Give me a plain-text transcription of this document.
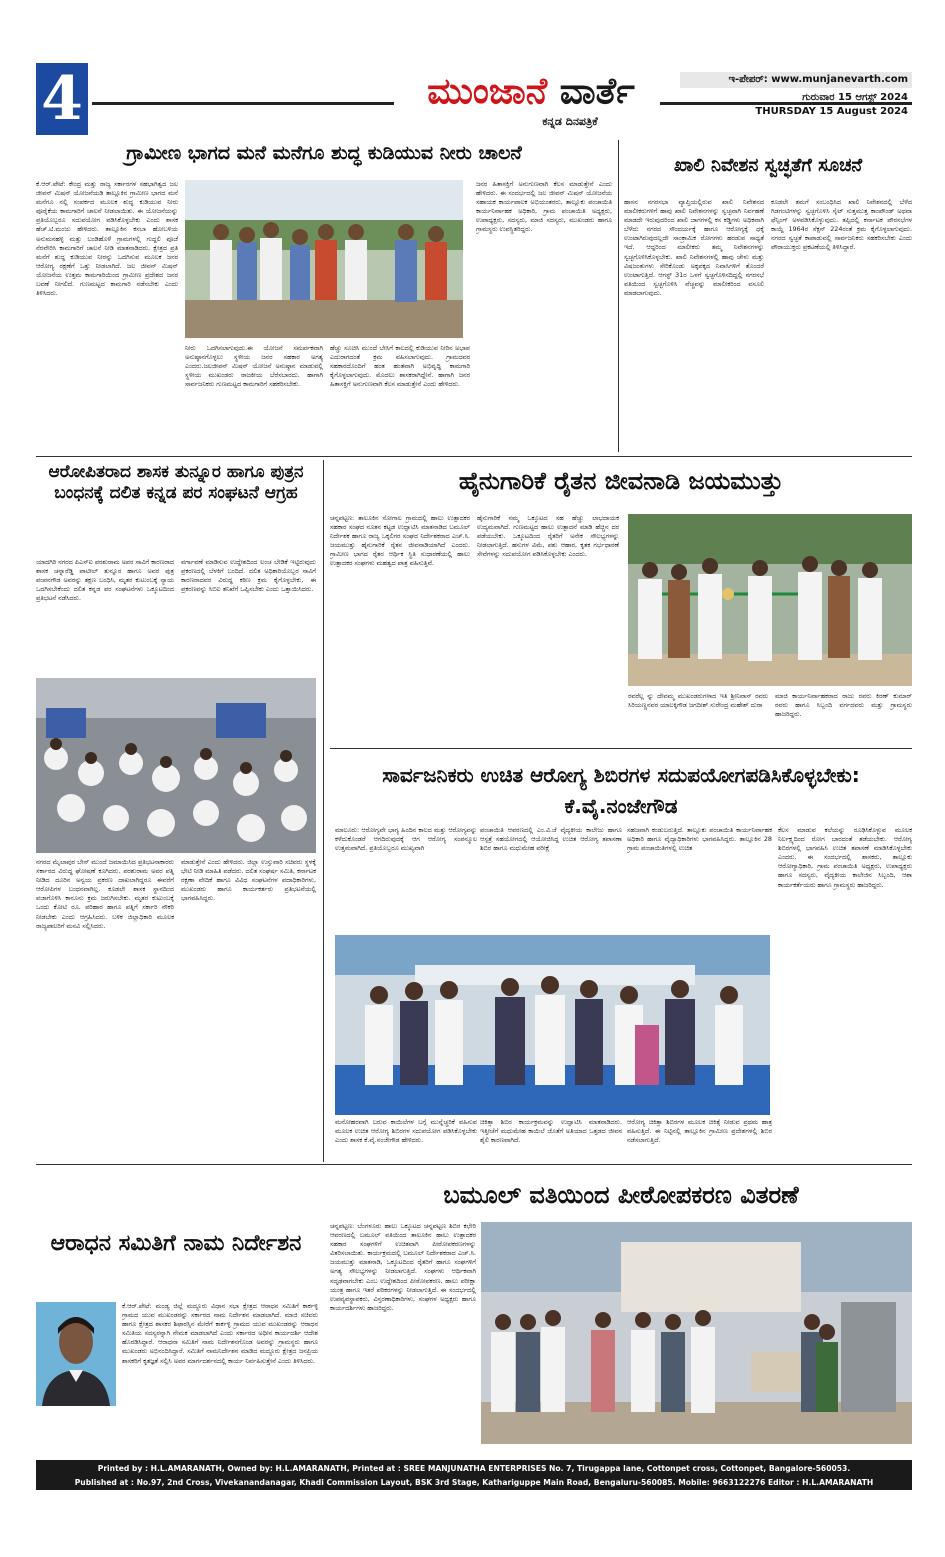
4	ಮುಂಜಾನೆ ವಾರ್ತೆ
ಕನ್ನಡ ದಿನಪತ್ರಿಕೆ
ಇ-ಪೇಪರ್: www.munjanevarth.com
ಗುರುವಾರ 15 ಆಗಸ್ಟ್ 2024
THURSDAY 15 August 2024
ಗ್ರಾಮೀಣ ಭಾಗದ ಮನೆ ಮನೆಗೂ ಶುದ್ಧ ಕುಡಿಯುವ ನೀರು ಚಾಲನೆ
ಕೆ.ಆರ್.ಪೇಟೆ: ಕೇಂದ್ರ ಮತ್ತು ರಾಜ್ಯ ಸರ್ಕಾರಗಳ ಸಹಭಾಗಿತ್ವದ ಜಲ ಜೀವನ್ ಮಿಷನ್ ಯೋಜನೆಯಡಿ ತಾಲ್ಲೂಕಿನ ಗ್ರಾಮೀಣ ಭಾಗದ ಮನೆ ಮನೆಗೂ ನಲ್ಲಿ ಸಂಪರ್ಕದ ಮೂಲಕ ಶುದ್ಧ ಕುಡಿಯುವ ನೀರು ಪೂರೈಕೆಯ ಕಾಮಗಾರಿಗೆ ಚಾಲನೆ ನೀಡಲಾಯಿತು. ಈ ಯೋಜನೆಯನ್ನು ಪ್ರತಿಯೊಬ್ಬರೂ ಸದುಪಯೋಗ ಪಡಿಸಿಕೊಳ್ಳಬೇಕು ಎಂದು ಶಾಸಕ ಹೆಚ್.ಟಿ.ಮಂಜು ಹೇಳಿದರು. ತಾಲ್ಲೂಕಿನ ಕಸಬಾ ಹೋಬಳಿಯ ಅನುಮನಹಳ್ಳಿ ಮತ್ತು ಬಂಡಿಹೊಳೆ ಗ್ರಾಮಗಳಲ್ಲಿ ಗುದ್ದಲಿ ಪೂಜೆ ನೆರವೇರಿಸಿ ಕಾಮಗಾರಿಗೆ ಚಾಲನೆ ನೀಡಿ ಮಾತನಾಡಿದರು. ಕ್ಷೇತ್ರದ ಪ್ರತಿ ಮನೆಗೆ ಶುದ್ಧ ಕುಡಿಯುವ ನೀರನ್ನು ಒದಗಿಸುವ ಮೂಲಕ ಜನರ ಆರೋಗ್ಯ ರಕ್ಷಣೆಗೆ ಒತ್ತು ನೀಡಲಾಗಿದೆ. ಜಲ ಜೀವನ್ ಮಿಷನ್ ಯೋಜನೆಯ ಉತ್ತಮ ಕಾಮಗಾರಿಯಿಂದ ಗ್ರಾಮೀಣ ಪ್ರದೇಶದ ಜನರ ಬವಣೆ ನೀಗಲಿದೆ. ಗುಣಮಟ್ಟದ ಕಾಮಗಾರಿ ನಡೆಸಬೇಕು ಎಂದು ತಿಳಿಸಿದರು.
ನೀರು ಒದಗಿಸಲಾಗುವುದು.ಈ ಯೋಜನೆ ಸಮರ್ಪಕವಾಗಿ ಅನುಷ್ಠಾನಗೊಳ್ಳಲು ಸ್ಥಳೀಯ ಜನರ ಸಹಕಾರ ಅಗತ್ಯ ಎಂದರು.ಜಲಜೀವನ್ ಮಿಷನ್ ಯೋಜನೆ ಅನುಷ್ಠಾನ ಮಾಡುವಲ್ಲಿ ಸ್ಥಳೀಯ ಮುಖಂಡರು ರಾಜಕೀಯ ಬೆರೆಸಬಾರದು. ಹಾಗಾಗಿ ಸಾರ್ವಜನಿಕರು ಗುಣಮಟ್ಟದ ಕಾಮಗಾರಿಗೆ ಸಹಕರಿಸಬೇಕು.
ಹೆಚ್ಚು ಸೂಚಿಸಿ ಮುಂದೆ ಬೇಸಿಗೆ ಕಾಲದಲ್ಲಿ ಕುಡಿಯುವ ನೀರಿನ ಅಭಾವ ಎದುರಾಗದಂತೆ ಕ್ರಮ ವಹಿಸಲಾಗುವುದು. ಗ್ರಾಮದವರ ಸಹಕಾರದೊಂದಿಗೆ ಹಂತ ಹಂತವಾಗಿ ಅಭಿವೃದ್ಧಿ ಕಾಮಗಾರಿ ಕೈಗೊಳ್ಳಲಾಗುವುದು. ಮೊದಲು ಶಾಸಕರಾಗಿದ್ದೇನೆ. ಹಾಗಾಗಿ ಜನರ ಹಿತಾಸಕ್ತಿಗೆ ಅನುಗುಣವಾಗಿ ಕೆಲಸ ಮಾಡುತ್ತೇನೆ ಎಂದು ಹೇಳಿದರು.
ಜನರ ಹಿತಾಸಕ್ತಿಗೆ ಅನುಗುಣವಾಗಿ ಕೆಲಸ ಮಾಡುತ್ತೇನೆ ಎಂದು ಹೇಳಿದರು. ಈ ಸಂದರ್ಭದಲ್ಲಿ ಜಲ ಜೀವನ್ ಮಿಷನ್ ಯೋಜನೆಯ ಸಹಾಯಕ ಕಾರ್ಯಪಾಲಕ ಅಭಿಯಂತರರು, ತಾಲ್ಲೂಕು ಪಂಚಾಯಿತಿ ಕಾರ್ಯನಿರ್ವಾಹಕ ಅಧಿಕಾರಿ, ಗ್ರಾಮ ಪಂಚಾಯಿತಿ ಅಧ್ಯಕ್ಷರು, ಉಪಾಧ್ಯಕ್ಷರು, ಸದಸ್ಯರು, ಮಾಜಿ ಸದಸ್ಯರು, ಮುಖಂಡರು ಹಾಗೂ ಗ್ರಾಮಸ್ಥರು ಉಪಸ್ಥಿತರಿದ್ದರು.
ಖಾಲಿ ನಿವೇಶನ ಸ್ವಚ್ಛತೆಗೆ ಸೂಚನೆ
ಹಾಸನ ನಗರಸಭಾ ವ್ಯಾಪ್ತಿಯಲ್ಲಿರುವ ಖಾಲಿ ನಿವೇಶನದ ಮಾಲೀಕರುಗಳಿಗೆ ಹಾವು ಖಾಲಿ ನಿವೇಶನಗಳನ್ನು ಸ್ವಚ್ಛವಾಗಿ ನಿರ್ವಹಣೆ ಮಾಡದೇ ಇರುವುದರಿಂದ ಖಾಲಿ ಜಾಗಗಳಲ್ಲಿ ಕಸ ಕಡ್ಡಿಗಳು ಅಧಿಕವಾಗಿ ಬೆಳೆದು ನಗರದ ಸೌಂದರ್ಯಕ್ಕೆ ಹಾಗೂ ಆರೋಗ್ಯಕ್ಕೆ ಧಕ್ಕೆ ಉಂಟಾಗಿರುವುದಲ್ಲದೇ ಸಾಂಕ್ರಾಮಿಕ ರೋಗಗಳು ಹರಡುವ ಸಾಧ್ಯತೆ ಇದೆ. ಆದ್ದರಿಂದ ಮಾಲೀಕರು ತಮ್ಮ ನಿವೇಶನಗಳನ್ನು ಸ್ವಚ್ಛಗೊಳಿಸಿಕೊಳ್ಳಬೇಕು. ಖಾಲಿ ನಿವೇಶನಗಳಲ್ಲಿ ಹಾವು ಚೇಳು ಮತ್ತು ವಿಷಜಂತುಗಳು ಸೇರಿಕೊಂಡು ಅಕ್ಕಪಕ್ಕದ ನಿವಾಸಿಗಳಿಗೆ ತೊಂದರೆ ಉಂಟಾಗುತ್ತಿದೆ. ಆಗಸ್ಟ್ 31ರ ಒಳಗೆ ಸ್ವಚ್ಛಗೊಳಿಸದಿದ್ದಲ್ಲಿ ನಗರಸಭೆ ವತಿಯಿಂದ ಸ್ವಚ್ಛಗೊಳಿಸಿ ವೆಚ್ಚವನ್ನು ಮಾಲೀಕರಿಂದ ವಸೂಲಿ ಮಾಡಲಾಗುವುದು.
ಕೂಡಲೇ ತಮಗೆ ಸಂಬಂಧಿಸಿದ ಖಾಲಿ ನಿವೇಶನದಲ್ಲಿ ಬೆಳೆದ ಗಿಡಗಂಟಿಗಳನ್ನು ಸ್ವಚ್ಛಗೊಳಿಸಿ ಸೈಟ್ ಸುತ್ತಮುತ್ತ ಕಾಂಪೌಂಡ್ ಅಥವಾ ಫೆನ್ಸಿಂಗ್ ಅಳವಡಿಸಿಕೊಳ್ಳುವುದು. ತಪ್ಪಿದಲ್ಲಿ ಕರ್ನಾಟಕ ಪೌರಸಭೆಗಳ ಕಾಯ್ದೆ 1964ರ ಸೆಕ್ಷನ್ 224ರಂತೆ ಕ್ರಮ ಕೈಗೊಳ್ಳಲಾಗುವುದು. ನಗರದ ಸ್ವಚ್ಛತೆ ಕಾಪಾಡುವಲ್ಲಿ ಸಾರ್ವಜನಿಕರು ಸಹಕರಿಸಬೇಕು ಎಂದು ಪೌರಾಯುಕ್ತರು ಪ್ರಕಟಣೆಯಲ್ಲಿ ತಿಳಿಸಿದ್ದಾರೆ.
ಆರೋಪಿತರಾದ ಶಾಸಕ ತುನ್ನೂರ ಹಾಗೂ ಪುತ್ರನ ಬಂಧನಕ್ಕೆ ದಲಿತ ಕನ್ನಡ ಪರ ಸಂಘಟನೆ ಆಗ್ರಹ
ಯಾದಗಿರಿ ನಗರದ ಪಿಎಸ್ಐ ಪರಶುರಾಮ ಅವರ ಸಾವಿಗೆ ಕಾರಣರಾದ ಶಾಸಕ ಚನ್ನಾರೆಡ್ಡಿ ಪಾಟೀಲ್ ತುನ್ನೂರ ಹಾಗೂ ಅವರ ಪುತ್ರ ಪಂಪನಗೌಡ ಅವರನ್ನು ತಕ್ಷಣ ಬಂಧಿಸಿ, ಮೃತರ ಕುಟುಂಬಕ್ಕೆ ನ್ಯಾಯ ಒದಗಿಸಬೇಕೆಂದು ದಲಿತ ಕನ್ನಡ ಪರ ಸಂಘಟನೆಗಳು ಒಕ್ಕೂಟದಿಂದ ಪ್ರತಿಭಟನೆ ನಡೆಸಿದರು.
ವರ್ಗಾವಣೆ ಮಾಡಿಸುವ ಉದ್ದೇಶದಿಂದ ಲಂಚ ಬೇಡಿಕೆ ಇಟ್ಟಿರುವುದು ಪ್ರಕರಣದಲ್ಲಿ ಬೆಳಕಿಗೆ ಬಂದಿದೆ. ದಲಿತ ಅಧಿಕಾರಿಯೊಬ್ಬರ ಸಾವಿಗೆ ಕಾರಣರಾದವರ ವಿರುದ್ಧ ಕಠಿಣ ಕ್ರಮ ಕೈಗೊಳ್ಳಬೇಕು, ಈ ಪ್ರಕರಣವನ್ನು ಸಿಬಿಐ ತನಿಖೆಗೆ ಒಪ್ಪಿಸಬೇಕು ಎಂದು ಒತ್ತಾಯಿಸಿದರು.
ನಗರದ ಮೈಲಾಪುರ ಬೇಸ್ ಮುಂದೆ ಜಮಾಯಿಸಿದ ಪ್ರತಿಭಟನಾಕಾರರು ಸರ್ಕಾರದ ವಿರುದ್ಧ ಘೋಷಣೆ ಕೂಗಿದರು. ಪರಶುರಾಮ ಅವರ ಪತ್ನಿ ನೀಡಿದ ದೂರಿನ ಅನ್ವಯ ಪ್ರಕರಣ ದಾಖಲಾಗಿದ್ದರೂ ಈವರೆಗೆ ಆರೋಪಿಗಳ ಬಂಧನವಾಗಿಲ್ಲ. ಕೂಡಲೇ ಶಾಸಕ ಸ್ಥಾನದಿಂದ ವಜಾಗೊಳಿಸಿ ಕಾನೂನು ಕ್ರಮ ಜರುಗಿಸಬೇಕು. ಮೃತರ ಕುಟುಂಬಕ್ಕೆ ಒಂದು ಕೋಟಿ ರೂ. ಪರಿಹಾರ ಹಾಗೂ ಪತ್ನಿಗೆ ಸರ್ಕಾರಿ ನೌಕರಿ ನೀಡಬೇಕು ಎಂದು ಆಗ್ರಹಿಸಿದರು. ಬಳಿಕ ಜಿಲ್ಲಾಧಿಕಾರಿ ಮೂಲಕ ರಾಜ್ಯಪಾಲರಿಗೆ ಮನವಿ ಸಲ್ಲಿಸಿದರು.
ಮಾಡುತ್ತೇನೆ ಎಂದು ಹೇಳಿದರು. ಜಿಲ್ಲಾ ಉಸ್ತುವಾರಿ ಸಚಿವರು ಸ್ಥಳಕ್ಕೆ ಭೇಟಿ ನೀಡಿ ಮಾಹಿತಿ ಪಡೆದರು. ದಲಿತ ಸಂಘರ್ಷ ಸಮಿತಿ, ಕರ್ನಾಟಕ ರಕ್ಷಣಾ ವೇದಿಕೆ ಹಾಗೂ ವಿವಿಧ ಸಂಘಟನೆಗಳ ಪದಾಧಿಕಾರಿಗಳು, ಮುಖಂಡರು ಹಾಗೂ ಕಾರ್ಯಕರ್ತರು ಪ್ರತಿಭಟನೆಯಲ್ಲಿ ಭಾಗವಹಿಸಿದ್ದರು.
ಹೈನುಗಾರಿಕೆ ರೈತನ ಜೀವನಾಡಿ ಜಯಮುತ್ತು
ಚನ್ನಪಟ್ಟಣ: ತಾಲೂಕಿನ ಸೋಗಾಲ ಗ್ರಾಮದಲ್ಲಿ ಹಾಲು ಉತ್ಪಾದಕರ ಸಹಕಾರ ಸಂಘದ ನೂತನ ಕಟ್ಟಡ ಉದ್ಘಾಟಿಸಿ ಮಾತನಾಡಿದ ಬಮೂಲ್ ನಿರ್ದೇಶಕ ಹಾಗೂ ರಾಜ್ಯ ಒಕ್ಕಲಿಗರ ಸಂಘದ ನಿರ್ದೇಶಕರಾದ ಎಚ್.ಸಿ. ಜಯಮುತ್ತು ಹೈನುಗಾರಿಕೆ ರೈತನ ಜೀವನಾಡಿಯಾಗಿದೆ ಎಂದರು. ಗ್ರಾಮೀಣ ಭಾಗದ ರೈತರ ಆರ್ಥಿಕ ಸ್ಥಿತಿ ಸುಧಾರಣೆಯಲ್ಲಿ ಹಾಲು ಉತ್ಪಾದಕರ ಸಂಘಗಳು ಮಹತ್ವದ ಪಾತ್ರ ವಹಿಸುತ್ತಿವೆ.
ಹೈನುಗಾರಿಕೆ ನಮ್ಮ ಒಕ್ಕೂಟದ ಸಹ ಹೆಚ್ಚು ಲಾಭದಾಯಕ ಉದ್ಯಮವಾಗಿದೆ. ಗುಣಮಟ್ಟದ ಹಾಲು ಉತ್ಪಾದನೆ ಮಾಡಿ ಹೆಚ್ಚಿನ ದರ ಪಡೆಯಬೇಕು. ಒಕ್ಕೂಟದಿಂದ ರೈತರಿಗೆ ಅನೇಕ ಸೌಲಭ್ಯಗಳನ್ನು ನೀಡಲಾಗುತ್ತಿದೆ. ಹಸುಗಳ ವಿಮೆ, ಪಶು ಆಹಾರ, ಕೃತಕ ಗರ್ಭಧಾರಣೆ ಸೇವೆಗಳನ್ನು ಸದುಪಯೋಗ ಪಡಿಸಿಕೊಳ್ಳಬೇಕು ಎಂದರು.
ರವರೆಲ್ಲ ನ್ನು ದೇವಮ್ಮ ಮುಖಂಡರುಗಳಾದ ಇತಿ ಶ್ರೀನಿವಾಸ್ ರವರು ಸಿರಿಯಣ್ಣನವರ ಯಾಲಕ್ಕಿಗೌಡ ಜಗದೀಶ್ ಸುರೇಂದ್ರ ಮಹೇಶ್ ದುರಾ
ಮಾಜಿ ಕಾರ್ಯನಿರ್ವಾಹಕರಾದ ರಾಜು ರವರು ಕಿರಣ್ ಕುಮಾರ್ ರವರು ಹಾಗೂ ಸಿಬ್ಬಂದಿ ವರ್ಗದವರು ಮತ್ತು ಗ್ರಾಮಸ್ಥರು ಹಾಜರಿದ್ದರು.
ಸಾರ್ವಜನಿಕರು ಉಚಿತ ಆರೋಗ್ಯ ಶಿಬಿರಗಳ ಸದುಪಯೋಗಪಡಿಸಿಕೊಳ್ಳಬೇಕು: ಕೆ.ವೈ.ನಂಜೇಗೌಡ
ಮಾಲೂರು: ಆರೋಗ್ಯವೇ ಭಾಗ್ಯ ಹಿಂದಿನ ಕಾಲದ ಮತ್ತು ಆರೋಗ್ಯವನ್ನು ಕಳೆದುಕೊಂಡರೆ ಆಗದಿರುವುದಕ್ಕೆ ಆಗ ಆರೋಗ್ಯ ಸಂಪನ್ಮೂಲ ಉತ್ತಮವಾಗಿದೆ. ಪ್ರತಿಯೊಬ್ಬರೂ ಮುಖ್ಯವಾಗಿ
ಪಂಚಾಯಿತಿ ಆವರಣದಲ್ಲಿ ಎಂ.ವಿ.ಜೆ ವೈದ್ಯಕೀಯ ಕಾಲೇಜು ಹಾಗೂ ಆಸ್ಪತ್ರೆ ಸಹಯೋಗದಲ್ಲಿ ಆಯೋಜಿಸಿದ್ದ ಉಚಿತ ಆರೋಗ್ಯ ತಪಾಸಣಾ ಶಿಬಿರ ಹಾಗೂ ಮಧುಮೇಹ ಪರೀಕ್ಷೆ
ಸಹಜವಾಗಿ ಕಂಡುಬರುತ್ತಿದೆ. ತಾಲ್ಲೂಕು ಪಂಚಾಯಿತಿ ಕಾರ್ಯನಿರ್ವಾಹಕ ಅಧಿಕಾರಿ ಹಾಗೂ ವೈದ್ಯಾಧಿಕಾರಿಗಳು ಭಾಗವಹಿಸಿದ್ದರು. ತಾಲ್ಲೂಕಿನ 28 ಗ್ರಾಮ ಪಂಚಾಯಿತಿಗಳಲ್ಲಿ ಉಚಿತ
ಮನೋಹರವಾಗಿ ಬರುವ ಕಾಯಿಲೆಗಳ ಬಗ್ಗೆ ಮುನ್ನೆಚ್ಚರಿಕೆ ವಹಿಸುವ ಮೂಲಕ ಉಚಿತ ಆರೋಗ್ಯ ಶಿಬಿರಗಳ ಸದುಪಯೋಗ ಪಡಿಸಿಕೊಳ್ಳಬೇಕು ಎಂದು ಶಾಸಕ ಕೆ.ವೈ.ನಂಜೇಗೌಡ ಹೇಳಿದರು.
ಚಿಕಿತ್ಸಾ ಶಿಬಿರ ಕಾರ್ಯಕ್ರಮವನ್ನು ಉದ್ಘಾಟಿಸಿ ಮಾತನಾಡಿದರು. ಇತ್ತೀಚೆಗೆ ಮಧುಮೇಹ ಕಾಯಿಲೆ ಜೊತೆಗೆ ಅತಿಯಾದ ಒತ್ತಡದ ಜೀವನ ಶೈಲಿ ಕಾರಣವಾಗಿದೆ.
ಆರೋಗ್ಯ ಚಿಕಿತ್ಸಾ ಶಿಬಿರಗಳ ಮೂಲಕ ಚಿಕಿತ್ಸೆ ನೀಡುವ ಪ್ರಥಮ ಹಾತ್ರ ವಹಿಸುತ್ತಿದೆ. ಈ ನಿಟ್ಟಿನಲ್ಲಿ ತಾಲ್ಲೂಕಿನ ಗ್ರಾಮೀಣ ಪ್ರದೇಶಗಳಲ್ಲಿ ಶಿಬಿರ ನಡೆಸಲಾಗುತ್ತಿದೆ.
ಕೆಲಸ ಮಾಡುವ ಕಲೆಯನ್ನು ರೂಢಿಸಿಕೊಳ್ಳುವ ಮೂಲಕ ನಿರ್ಲಕ್ಷ್ಯದಿಂದ ರೋಗ ಬಾರದಂತೆ ತಡೆಯಬೇಕು. ಆರೋಗ್ಯ ಶಿಬಿರಗಳಲ್ಲಿ ಭಾಗವಹಿಸಿ ಉಚಿತ ತಪಾಸಣೆ ಮಾಡಿಸಿಕೊಳ್ಳಬೇಕು ಎಂದರು. ಈ ಸಂದರ್ಭದಲ್ಲಿ ಶಾಸಕರು, ತಾಲ್ಲೂಕು ಆರೋಗ್ಯಾಧಿಕಾರಿ, ಗ್ರಾಮ ಪಂಚಾಯಿತಿ ಅಧ್ಯಕ್ಷರು, ಉಪಾಧ್ಯಕ್ಷರು ಹಾಗೂ ಸದಸ್ಯರು, ವೈದ್ಯಕೀಯ ಕಾಲೇಜಿನ ಸಿಬ್ಬಂದಿ, ಆಶಾ ಕಾರ್ಯಕರ್ತೆಯರು ಹಾಗೂ ಗ್ರಾಮಸ್ಥರು ಹಾಜರಿದ್ದರು.
ಆರಾಧನ ಸಮಿತಿಗೆ ನಾಮ ನಿರ್ದೇಶನ
ಕೆ.ಆರ್.ಪೇಟೆ: ಮಂಡ್ಯ ಜಿಲ್ಲೆ ಮದ್ದೂರು ವಿಧಾನ ಸಭಾ ಕ್ಷೇತ್ರದ ಆರಾಧನ ಸಮಿತಿಗೆ ಕಾರ್ಕಳ್ಳಿ ಗ್ರಾಮದ ಯುವ ಮುಖಂಡರನ್ನು ಸರ್ಕಾರದ ನಾಮ ನಿರ್ದೇಶನ ಮಾಡಲಾಗಿದೆ. ಮಾಜಿ ಸಚಿವರು ಹಾಗೂ ಕ್ಷೇತ್ರದ ಶಾಸಕರ ಶಿಫಾರಸ್ಸಿನ ಮೇರೆಗೆ ಕಾರ್ಕಳ್ಳಿ ಗ್ರಾಮದ ಯುವ ಮುಖಂಡರನ್ನು ಆರಾಧನ ಸಮಿತಿಯ ಸದಸ್ಯರನ್ನಾಗಿ ನೇಮಕ ಮಾಡಲಾಗಿದೆ ಎಂದು ಸರ್ಕಾರದ ಅಧೀನ ಕಾರ್ಯದರ್ಶಿ ಆದೇಶ ಹೊರಡಿಸಿದ್ದಾರೆ. ಆರಾಧನಾ ಸಮಿತಿಗೆ ನಾಮ ನಿರ್ದೇಶನಗೊಂಡ ಅವರನ್ನು ಗ್ರಾಮಸ್ಥರು ಹಾಗೂ ಮುಖಂಡರು ಅಭಿನಂದಿಸಿದ್ದಾರೆ. ಸಮಿತಿಗೆ ನಾಮನಿರ್ದೇಶನ ಮಾಡಿದ ಮದ್ದೂರು ಕ್ಷೇತ್ರದ ಜನಪ್ರಿಯ ಶಾಸಕರಿಗೆ ಕೃತಜ್ಞತೆ ಸಲ್ಲಿಸಿ ಅವರ ಮಾರ್ಗದರ್ಶನದಲ್ಲಿ ಕಾರ್ಯ ನಿರ್ವಹಿಸುತ್ತೇನೆ ಎಂದು ತಿಳಿಸಿದರು.
ಬಮೂಲ್ ವತಿಯಿಂದ ಪೀಠೋಪಕರಣ ವಿತರಣೆ
ಚನ್ನಪಟ್ಟಣ: ಬೆಂಗಳೂರು ಹಾಲು ಒಕ್ಕೂಟದ ಚನ್ನಪಟ್ಟಣ ಶಿಬಿರ ಕಛೇರಿ ಆವರಣದಲ್ಲಿ ಬಮೂಲ್ ವತಿಯಿಂದ ತಾಲೂಕಿನ ಹಾಲು ಉತ್ಪಾದಕರ ಸಹಕಾರ ಸಂಘಗಳಿಗೆ ಉಚಿತವಾಗಿ ಪೀಠೋಪಕರಣಗಳನ್ನು ವಿತರಿಸಲಾಯಿತು. ಕಾರ್ಯಕ್ರಮದಲ್ಲಿ ಬಮೂಲ್ ನಿರ್ದೇಶಕರಾದ ಎಚ್.ಸಿ. ಜಯಮುತ್ತು ಮಾತನಾಡಿ, ಒಕ್ಕೂಟದಿಂದ ರೈತರಿಗೆ ಹಾಗೂ ಸಂಘಗಳಿಗೆ ಅಗತ್ಯ ಸೌಲಭ್ಯಗಳನ್ನು ನೀಡಲಾಗುತ್ತಿದೆ. ಸಂಘಗಳು ಆರ್ಥಿಕವಾಗಿ ಸದೃಢವಾಗಬೇಕು ಎಂಬ ಉದ್ದೇಶದಿಂದ ಪೀಠೋಪಕರಣ, ಹಾಲು ಪರೀಕ್ಷಾ ಯಂತ್ರ ಹಾಗೂ ಇತರೆ ಪರಿಕರಗಳನ್ನು ನೀಡಲಾಗುತ್ತಿದೆ. ಈ ಸಂದರ್ಭದಲ್ಲಿ ಉಪವ್ಯವಸ್ಥಾಪಕರು, ವಿಸ್ತರಣಾಧಿಕಾರಿಗಳು, ಸಂಘಗಳ ಅಧ್ಯಕ್ಷರು ಹಾಗೂ ಕಾರ್ಯದರ್ಶಿಗಳು ಹಾಜರಿದ್ದರು.
Printed by : H.L.AMARANATH, Owned by: H.L.AMARANATH, Printed at : SREE MANJUNATHA ENTERPRISES No. 7, Tirugappa lane, Cottonpet cross, Cottonpet, Bangalore-560053.
Published at : No.97, 2nd Cross, Vivekanandanagar, Khadi Commission Layout, BSK 3rd Stage, Kathariguppe Main Road, Bengaluru-560085. Mobile: 9663122276 Editor : H.L.AMARANATH
